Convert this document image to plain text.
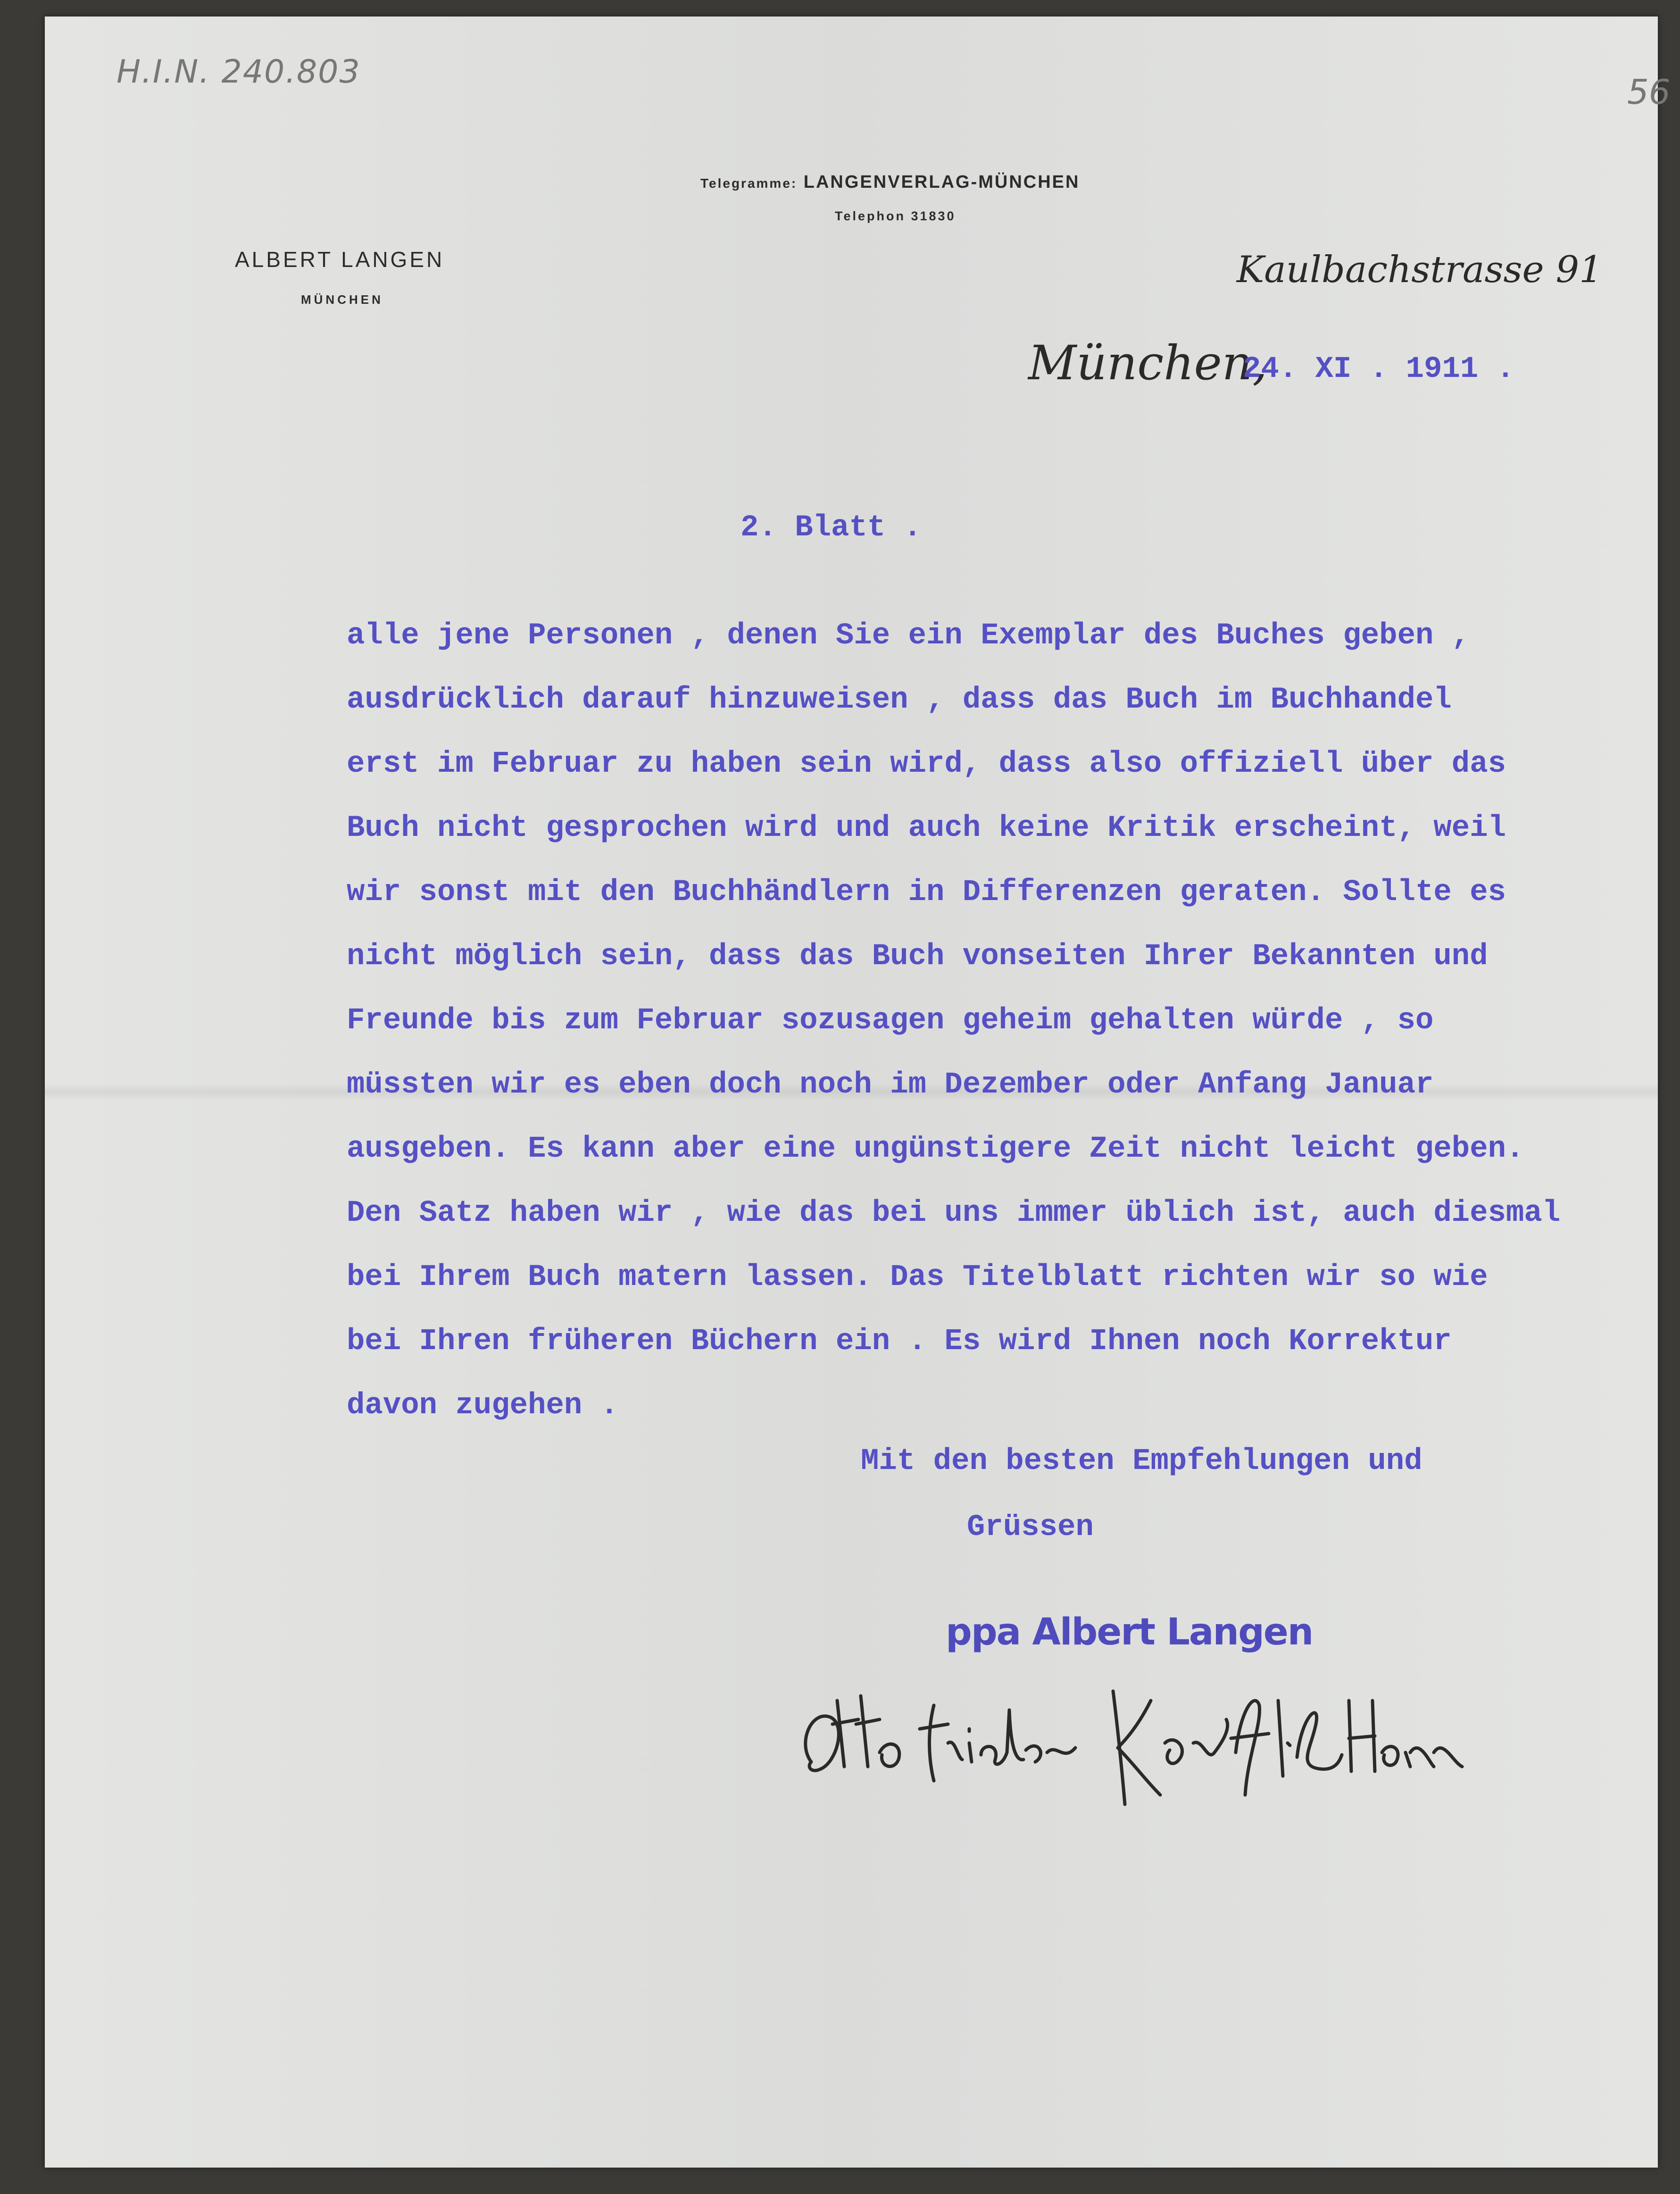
H.I.N. 240.803
56
Telegramme: LANGENVERLAG-MÜNCHEN
Telephon 31830
ALBERT LANGEN
MÜNCHEN
Kaulbachstrasse 91
München,
24. XI . 1911 .
2. Blatt .
alle jene Personen , denen Sie ein Exemplar des Buches geben ,
ausdrücklich darauf hinzuweisen , dass das Buch im Buchhandel
erst im Februar zu haben sein wird, dass also offiziell über das
Buch nicht gesprochen wird und auch keine Kritik erscheint, weil
wir sonst mit den Buchhändlern in Differenzen geraten. Sollte es
nicht möglich sein, dass das Buch vonseiten Ihrer Bekannten und
Freunde bis zum Februar sozusagen geheim gehalten würde , so
müssten wir es eben doch noch im Dezember oder Anfang Januar
ausgeben. Es kann aber eine ungünstigere Zeit nicht leicht geben.
Den Satz haben wir , wie das bei uns immer üblich ist, auch diesmal
bei Ihrem Buch matern lassen. Das Titelblatt richten wir so wie
bei Ihren früheren Büchern ein . Es wird Ihnen noch Korrektur
davon zugehen .
Mit den besten Empfehlungen und
Grüssen
ppa Albert Langen
